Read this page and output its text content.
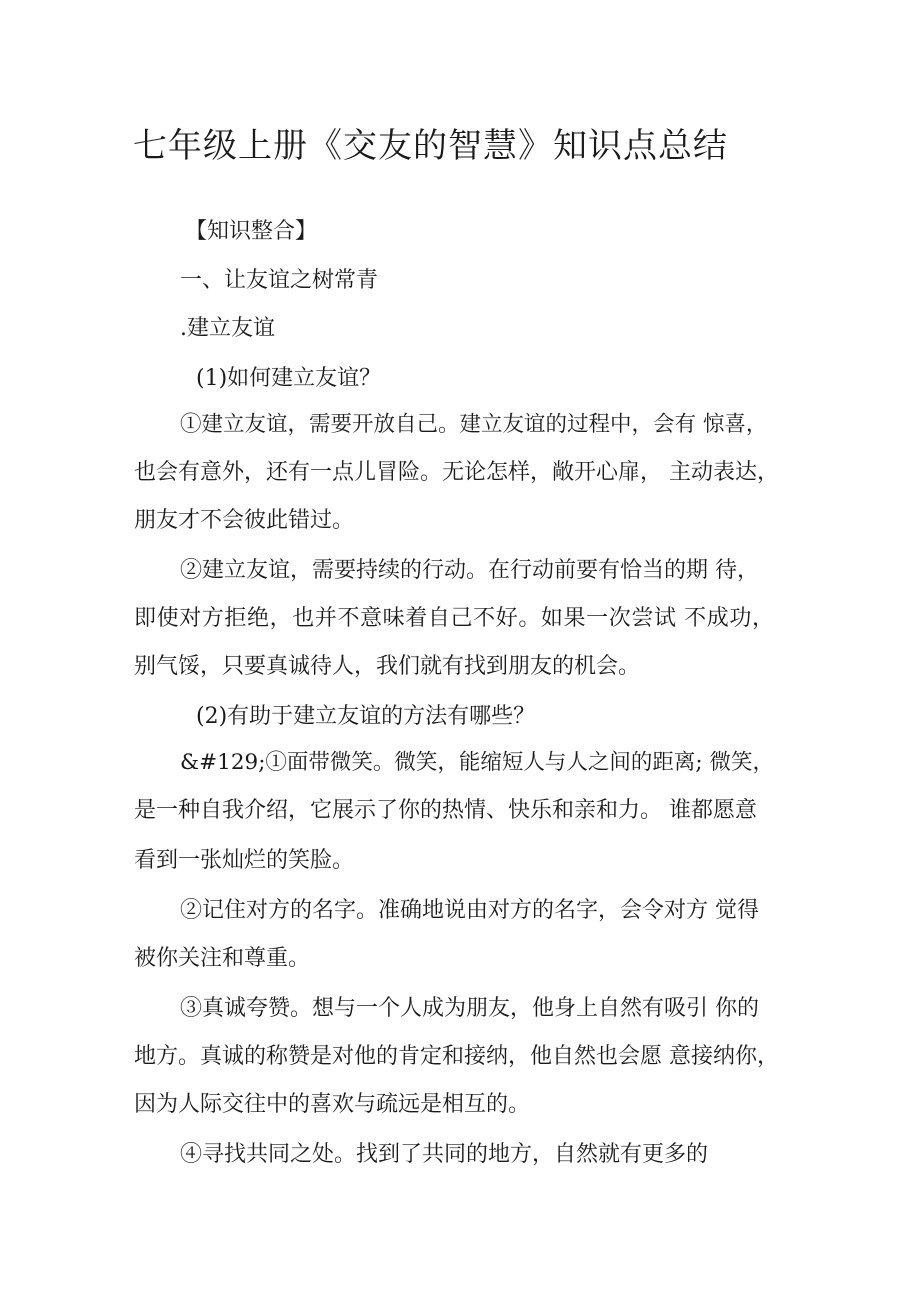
七年级上册《交友的智慧》知识点总结
【知识整合】
一、让友谊之树常青
.建立友谊
(1)如何建立友谊？
①建立友谊，需要开放自己。建立友谊的过程中，会有 惊喜，
也会有意外，还有一点儿冒险。无论怎样，敞开心扉， 主动表达，
朋友才不会彼此错过。
②建立友谊，需要持续的行动。在行动前要有恰当的期 待，
即使对方拒绝，也并不意味着自己不好。如果一次尝试 不成功，
别气馁，只要真诚待人，我们就有找到朋友的机会。
(2)有助于建立友谊的方法有哪些？
&#129;①面带微笑。微笑，能缩短人与人之间的距离; 微笑，
是一种自我介绍，它展示了你的热情、快乐和亲和力。 谁都愿意
看到一张灿烂的笑脸。
②记住对方的名字。准确地说由对方的名字，会令对方 觉得
被你关注和尊重。
③真诚夸赞。想与一个人成为朋友，他身上自然有吸引 你的
地方。真诚的称赞是对他的肯定和接纳，他自然也会愿 意接纳你，
因为人际交往中的喜欢与疏远是相互的。
④寻找共同之处。找到了共同的地方，自然就有更多的
